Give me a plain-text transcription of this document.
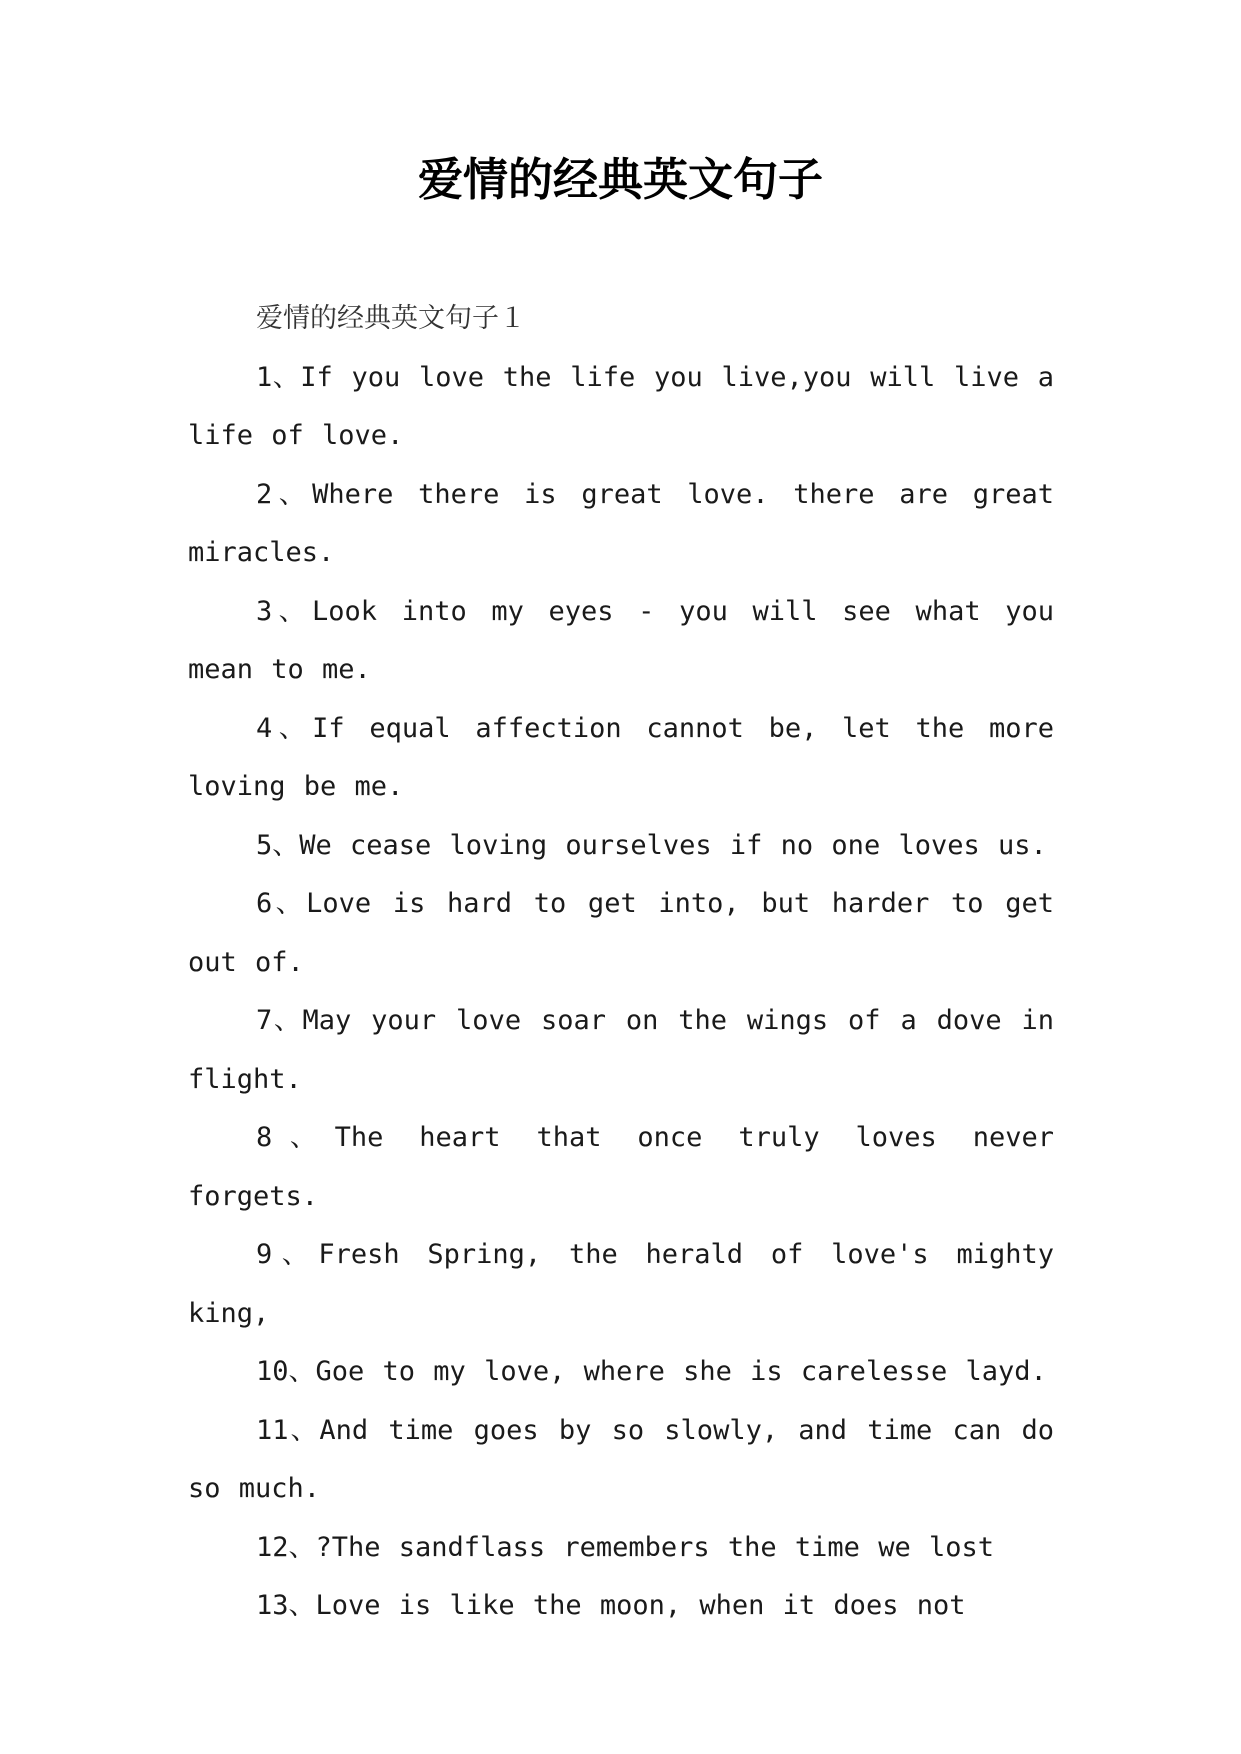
爱情的经典英文句子

爱情的经典英文句子１

1、If you love the life you live,you will live a life of love.

2、Where there is great love. there are great miracles.

3、Look into my eyes - you will see what you mean to me.

4、If equal affection cannot be, let the more loving be me.

5、We cease loving ourselves if no one loves us.

6、Love is hard to get into, but harder to get out of.

7、May your love soar on the wings of a dove in flight.

8、The heart that once truly loves never forgets.

9、Fresh Spring, the herald of love's mighty king,

10、Goe to my love, where she is carelesse layd.

11、And time goes by so slowly, and time can do so much.

12、?The sandflass remembers the time we lost

13、Love is like the moon, when it does not
